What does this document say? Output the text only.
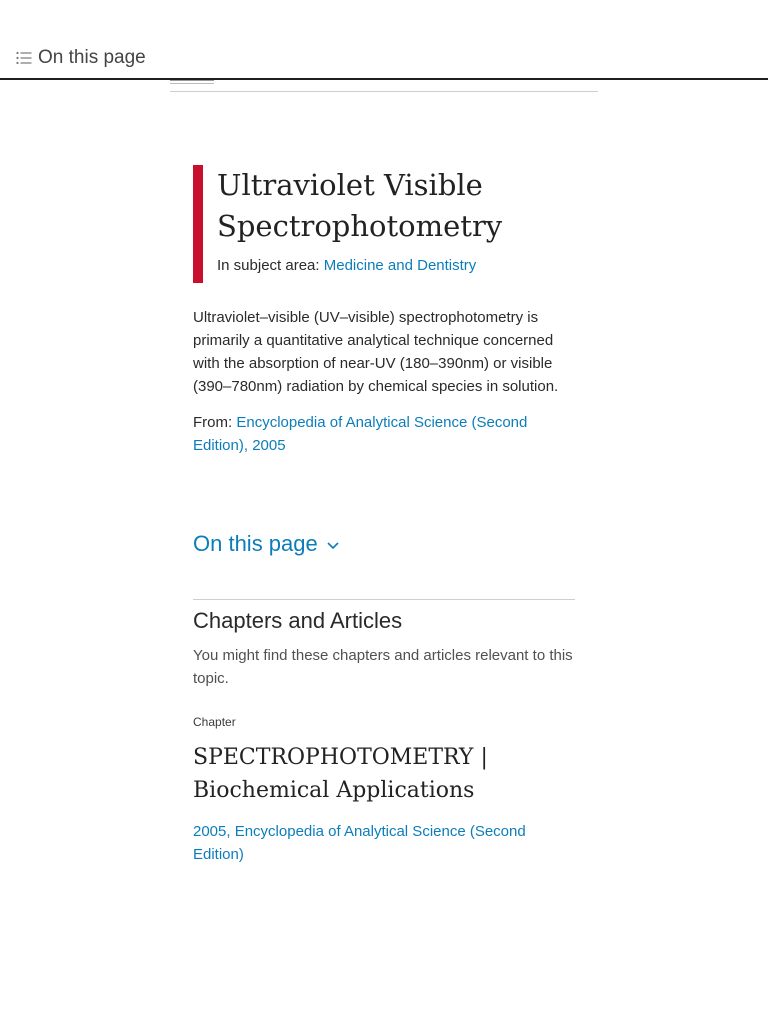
On this page
Ultraviolet Visible Spectrophotometry
In subject area: Medicine and Dentistry

Ultraviolet–visible (UV–visible) spectrophotometry is primarily a quantitative analytical technique concerned with the absorption of near-UV (180–390nm) or visible (390–780nm) radiation by chemical species in solution.

From: Encyclopedia of Analytical Science (Second Edition), 2005

On this page
Chapters and Articles

You might find these chapters and articles relevant to this topic.

Chapter
SPECTROPHOTOMETRY | Biochemical Applications
2005, Encyclopedia of Analytical Science (Second Edition)
